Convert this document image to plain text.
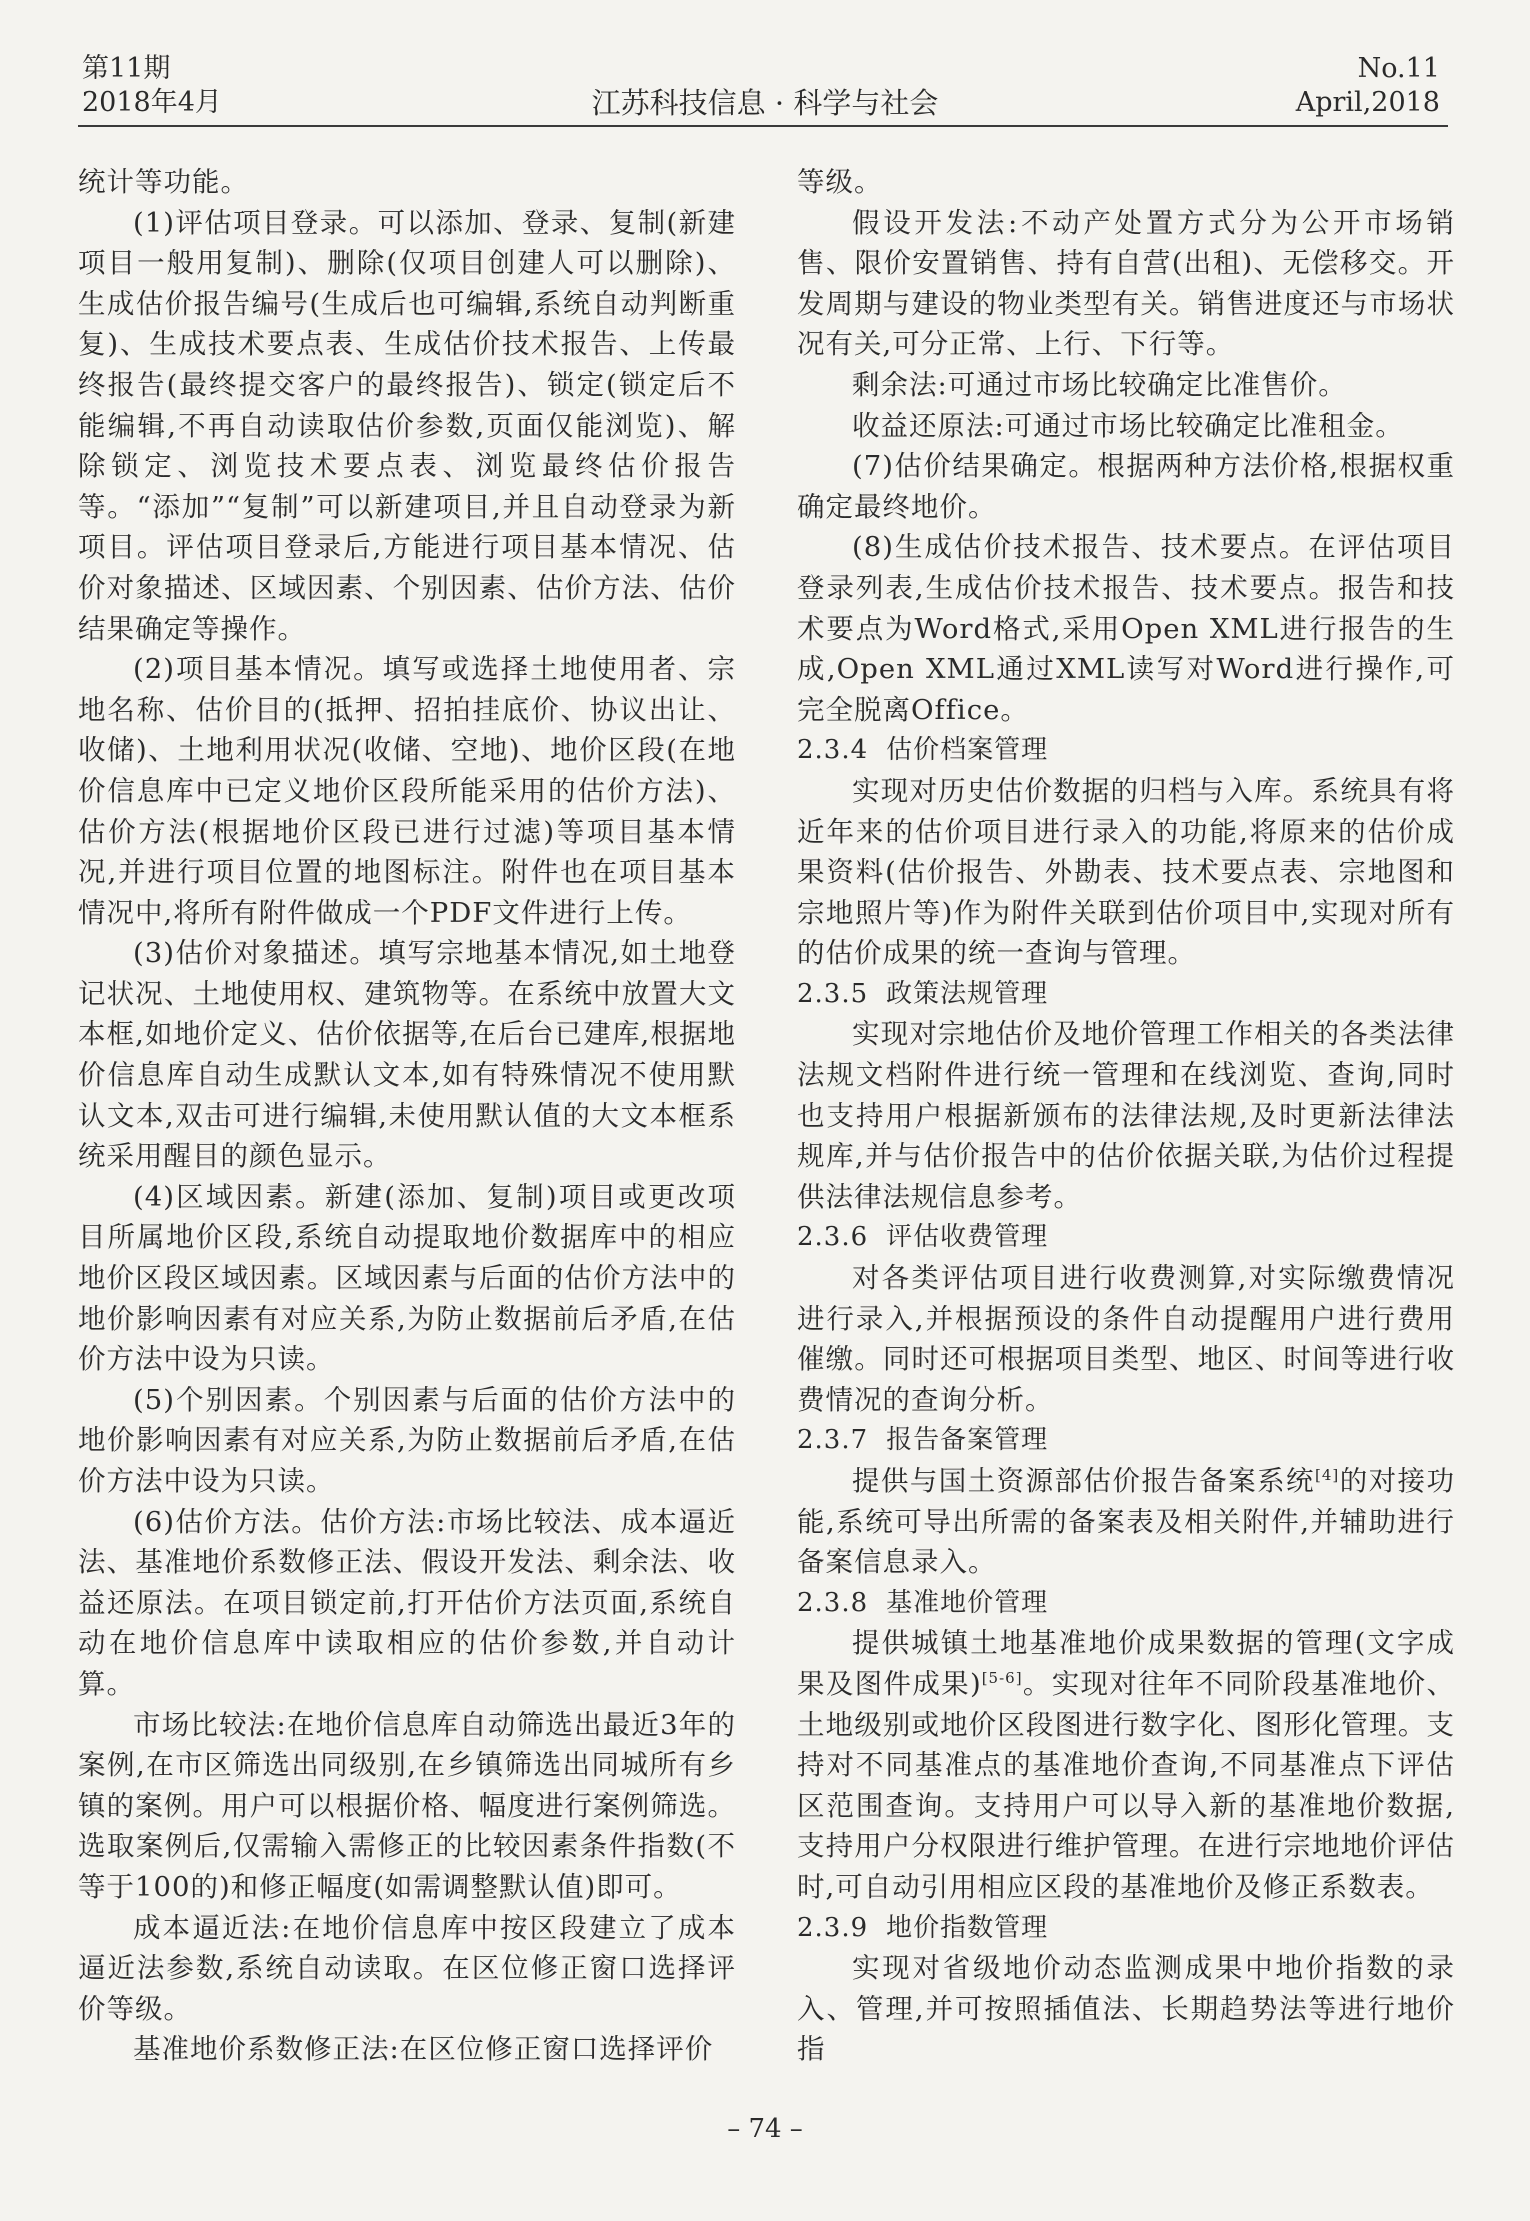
第11期
2018年4月	江苏科技信息 · 科学与社会
No.11
April,2018

统计等功能。

(1)评估项目登录。可以添加、登录、复制(新建项目一般用复制)、删除(仅项目创建人可以删除)、生成估价报告编号(生成后也可编辑,系统自动判断重复)、生成技术要点表、生成估价技术报告、上传最终报告(最终提交客户的最终报告)、锁定(锁定后不能编辑,不再自动读取估价参数,页面仅能浏览)、解除锁定、浏览技术要点表、浏览最终估价报告等。“添加”“复制”可以新建项目,并且自动登录为新项目。评估项目登录后,方能进行项目基本情况、估价对象描述、区域因素、个别因素、估价方法、估价结果确定等操作。

(2)项目基本情况。填写或选择土地使用者、宗地名称、估价目的(抵押、招拍挂底价、协议出让、收储)、土地利用状况(收储、空地)、地价区段(在地价信息库中已定义地价区段所能采用的估价方法)、估价方法(根据地价区段已进行过滤)等项目基本情况,并进行项目位置的地图标注。附件也在项目基本情况中,将所有附件做成一个PDF文件进行上传。

(3)估价对象描述。填写宗地基本情况,如土地登记状况、土地使用权、建筑物等。在系统中放置大文本框,如地价定义、估价依据等,在后台已建库,根据地价信息库自动生成默认文本,如有特殊情况不使用默认文本,双击可进行编辑,未使用默认值的大文本框系统采用醒目的颜色显示。

(4)区域因素。新建(添加、复制)项目或更改项目所属地价区段,系统自动提取地价数据库中的相应地价区段区域因素。区域因素与后面的估价方法中的地价影响因素有对应关系,为防止数据前后矛盾,在估价方法中设为只读。

(5)个别因素。个别因素与后面的估价方法中的地价影响因素有对应关系,为防止数据前后矛盾,在估价方法中设为只读。

(6)估价方法。估价方法:市场比较法、成本逼近法、基准地价系数修正法、假设开发法、剩余法、收益还原法。在项目锁定前,打开估价方法页面,系统自动在地价信息库中读取相应的估价参数,并自动计算。

市场比较法:在地价信息库自动筛选出最近3年的案例,在市区筛选出同级别,在乡镇筛选出同城所有乡镇的案例。用户可以根据价格、幅度进行案例筛选。选取案例后,仅需输入需修正的比较因素条件指数(不等于100的)和修正幅度(如需调整默认值)即可。

成本逼近法:在地价信息库中按区段建立了成本逼近法参数,系统自动读取。在区位修正窗口选择评价等级。

基准地价系数修正法:在区位修正窗口选择评价

等级。

假设开发法:不动产处置方式分为公开市场销售、限价安置销售、持有自营(出租)、无偿移交。开发周期与建设的物业类型有关。销售进度还与市场状况有关,可分正常、上行、下行等。

剩余法:可通过市场比较确定比准售价。

收益还原法:可通过市场比较确定比准租金。

(7)估价结果确定。根据两种方法价格,根据权重确定最终地价。

(8)生成估价技术报告、技术要点。在评估项目登录列表,生成估价技术报告、技术要点。报告和技术要点为Word格式,采用Open XML进行报告的生成,Open XML通过XML读写对Word进行操作,可完全脱离Office。

2.3.4 估价档案管理

实现对历史估价数据的归档与入库。系统具有将近年来的估价项目进行录入的功能,将原来的估价成果资料(估价报告、外勘表、技术要点表、宗地图和宗地照片等)作为附件关联到估价项目中,实现对所有的估价成果的统一查询与管理。

2.3.5 政策法规管理

实现对宗地估价及地价管理工作相关的各类法律法规文档附件进行统一管理和在线浏览、查询,同时也支持用户根据新颁布的法律法规,及时更新法律法规库,并与估价报告中的估价依据关联,为估价过程提供法律法规信息参考。

2.3.6 评估收费管理

对各类评估项目进行收费测算,对实际缴费情况进行录入,并根据预设的条件自动提醒用户进行费用催缴。同时还可根据项目类型、地区、时间等进行收费情况的查询分析。

2.3.7 报告备案管理

提供与国土资源部估价报告备案系统[4]的对接功能,系统可导出所需的备案表及相关附件,并辅助进行备案信息录入。

2.3.8 基准地价管理

提供城镇土地基准地价成果数据的管理(文字成果及图件成果)[5-6]。实现对往年不同阶段基准地价、土地级别或地价区段图进行数字化、图形化管理。支持对不同基准点的基准地价查询,不同基准点下评估区范围查询。支持用户可以导入新的基准地价数据,支持用户分权限进行维护管理。在进行宗地地价评估时,可自动引用相应区段的基准地价及修正系数表。

2.3.9 地价指数管理

实现对省级地价动态监测成果中地价指数的录入、管理,并可按照插值法、长期趋势法等进行地价指

– 74 –
